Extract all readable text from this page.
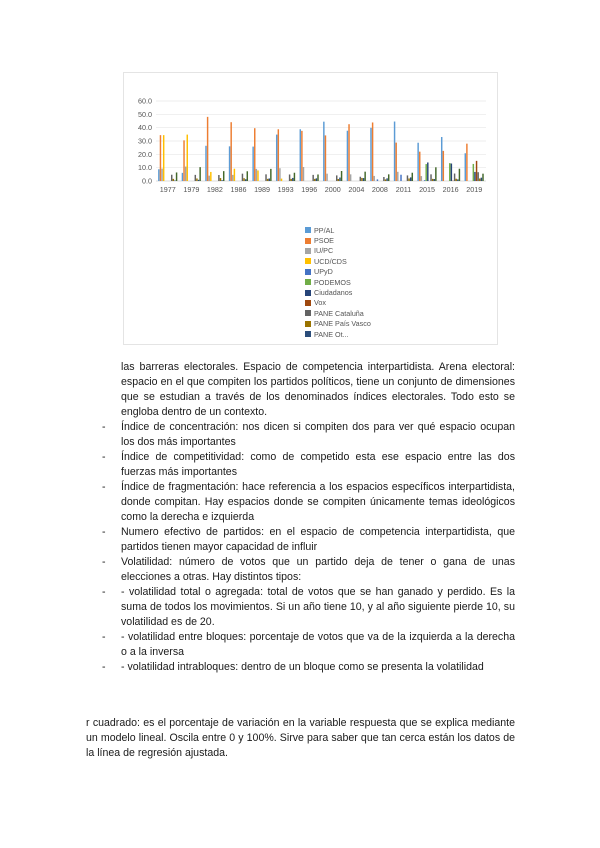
0.0
10.0
20.0
30.0
40.0
50.0
60.0
1977 1979 1982 1986 1989 1993 1996 2000 2004 2008 2011 2015 2016 2019
PP/AL
PSOE
IU/PC
UCD/CDS
UPyD
PODEMOS
Ciudadanos
Vox
PANE Cataluña
PANE País Vasco
PANE Ot...

las barreras electorales. Espacio de competencia interpartidista. Arena electoral: espacio en el que compiten los partidos políticos, tiene un conjunto de dimensiones que se estudian a través de los denominados índices electorales. Todo esto se engloba dentro de un contexto.

- Índice de concentración: nos dicen si compiten dos para ver qué espacio ocupan los dos más importantes
- Índice de competitividad: como de competido esta ese espacio entre las dos fuerzas más importantes
- Índice de fragmentación: hace referencia a los espacios específicos interpartidista, donde compitan. Hay espacios donde se compiten únicamente temas ideológicos como la derecha e izquierda
- Numero efectivo de partidos: en el espacio de competencia interpartidista, que partidos tienen mayor capacidad de influir
- Volatilidad: número de votos que un partido deja de tener o gana de unas elecciones a otras. Hay distintos tipos:
- - volatilidad total o agregada: total de votos que se han ganado y perdido. Es la suma de todos los movimientos. Si un año tiene 10, y al año siguiente pierde 10, su volatilidad es de 20.
- - volatilidad entre bloques: porcentaje de votos que va de la izquierda a la derecha o a la inversa
- - volatilidad intrabloques: dentro de un bloque como se presenta la volatilidad

r cuadrado: es el porcentaje de variación en la variable respuesta que se explica mediante un modelo lineal. Oscila entre 0 y 100%. Sirve para saber que tan cerca están los datos de la línea de regresión ajustada.
